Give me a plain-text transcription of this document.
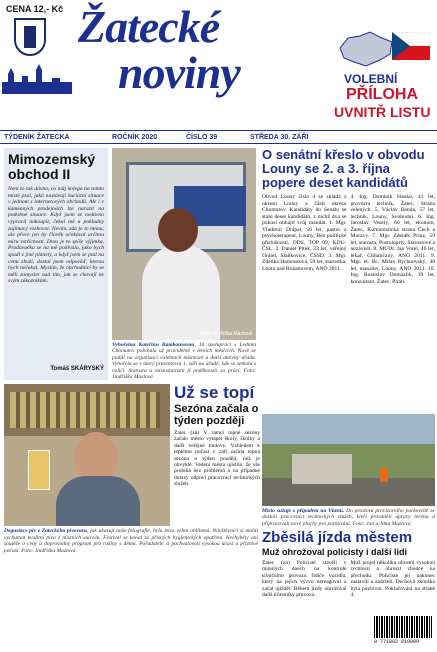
CENA 12,- Kč Žatecké
noviny	VOLEBNÍ
PŘÍLOHA
UVNITŘ LISTU
TÝDENÍK ŽATECKA	ROČNÍK 2020	ČÍSLO 39	STŘEDA 30. ZÁŘÍ
Mimozemský obchod II
Není to tak dávno, co můj kolega na tomto místě psal, jaká nastávají kuriózní situace v jednom z internetových obchodů. Ale i v kamenných prodejnách lze narazit na podobné situace. Když jsem se nedávno vypravil nakoupit, čekal mě u pokladny zajímavý rozhovor. Nevím, zda je to mnou, ale přece jen by člověk očekával určitou míru vstřícnosti. Dnes je to spíše výjimka. Prodavačka se na mě podívala, jako bych spadl z jiné planety, a když jsem se ptal na cenu zboží, dostal jsem odpověď, kterou bych nečekal. Myslím, že obchodníci by se měli zamyslet nad tím, jak se chovají ke svým zákazníkům.
Tomáš SKÁRYSKÝ
Foto: Jindřiška Mazlová
Vyhořelou Kateřinu Bambousovou, 16 spolupráci s Ledním Chomutov pobíhala už pravidelně v letních měsících. Nově se podílí na organizaci volebních místností a další aktivity úřadu. Vyhořela se v úterý prezentovat 1. září na úřadě, kde se setkala s voliči. Starosta a místostarosta jí poděkovali za práci. Foto: Jindřiška Mazlová
O senátní křeslo v obvodu Louny se 2. a 3. října popere deset kandidátů
Obvod Louny číslo 4 se skládá z okresu Louny a části okresu Chomutov. Kandidáty do Senátu se stalo deset kandidátů, z nichž dva se pokusí obhájit svůj mandát. 1. Mgr. Vladimír Drápal, 56 let, pastor a psychoterapeut, Louny, Bez politické příslušnosti, ODS, TOP 09, KDU-ČSL. 2. Daniel Pitek, 33 let, veřejný činitel, Staňkovice, ČSSD. 3. Mgr. Zdeňka Hamousová, 59 let, starostka, Lhota nad Rohanovem, ANO 2011.
4. Ing. Dominik Hanko, 41 let, provozní technik, Žatec, Strana zelených. 5. Václav Benda, 57 let, technik, Louny, Svobodní. 6. Ing. Jaroslav Veselý, 66 let, ekonom, Žatec, Komunistická strana Čech a Moravy. 7. Mgr. Zdeněk Prinz, 59 let, starosta, Postoloprty, Starostové a nezávislí. 8. MUDr. Jan Vorel, 46 let, lékař, Chlumčany, ANO 2011. 9. Mgr. et. Bc. Milan Rychnovský, 48 let, manažer, Louny, ANO 2011. 10. Ing. Rostislav Domazlik, 39 let, konzultant, Žatec, Piráti.
Degustace piv z Žateckého pivovaru, jak ukazují naše fotografie, byla letos velmi oblíbená. Návštěvníci si mohli vychutnat kvalitní pivo z místních surovin. Festival se konal za přísných hygienických opatření. Nechyběly ani soutěže o ceny a doprovodný program pro rodiny s dětmi. Pořadatelé si pochvalovali vysokou účast a příznivé počasí. Foto: Jindřiška Mazlová
Už se topí
Sezóna začala o týden později
Žatec (zn) V rámci topné sezóny začalo město vytápět školy, školky a další veřejné budovy. Vzhledem k teplému počasí v září začala topná sezóna o týden později, než je obvyklé. Vedení města ujistilo, že vše probíhá bez problémů a na případné dotazy odpoví pracovníci technických služeb.
Místo sužuje s případem na Vlastu. Do prostoru provizorního parkoviště se dostali pracovníci technických služeb, kteří prováděli úpravy terénu a připravovali nové plochy pro parkování. Foto: Jan a Jitka Mazlová
Zběsilá jízda městem
Muž ohrožoval policisty i další lidi
Žatec (zn) Policisté stavěli v minulých dnech na kontrole silničního provozu řidiče vozidla, který na jejich výzvu nereagoval a začal ujíždět. Během jízdy ohrožoval další účastníky provozu.
Muž projel několika ulicemi vysokou rychlostí a ohrozil chodce na přechodu. Policisté jej nakonec zastavili a zadrželi. Dechová zkouška byla pozitivní. Pokračování na straně 4.
9 771802 010009
